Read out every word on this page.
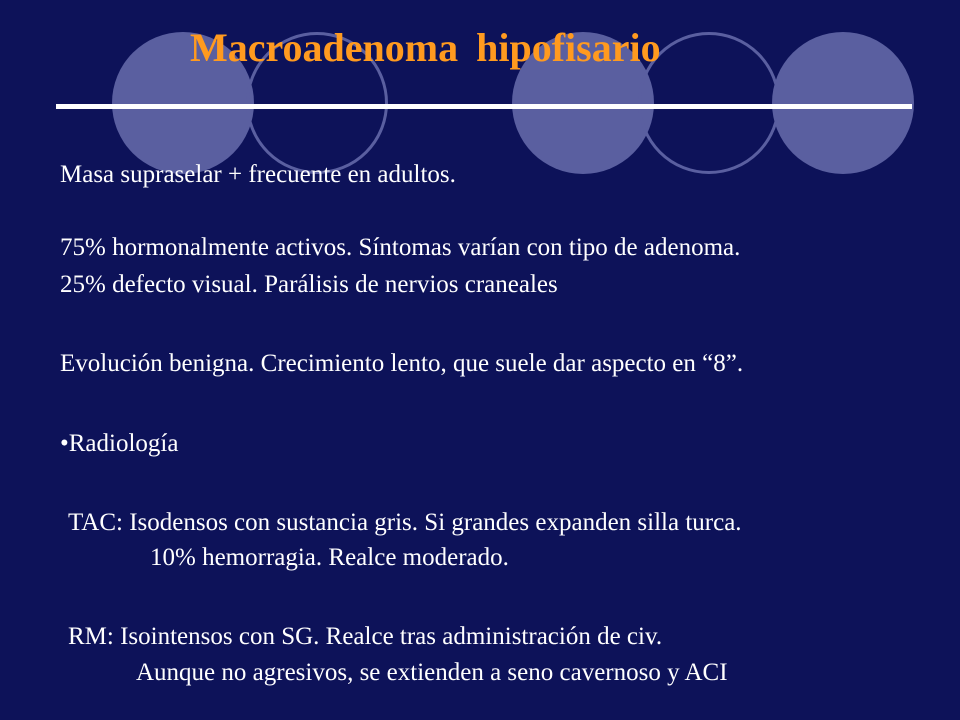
Macroadenoma hipofisario
Masa supraselar + frecuente en adultos.
75% hormonalmente activos. Síntomas varían con tipo de adenoma.
25% defecto visual. Parálisis de nervios craneales
Evolución benigna. Crecimiento lento, que suele dar aspecto en “8”.
•Radiología
TAC: Isodensos con sustancia gris. Si grandes expanden silla turca.
10% hemorragia. Realce moderado.
RM: Isointensos con SG. Realce tras administración de civ.
Aunque no agresivos, se extienden a seno cavernoso y ACI
